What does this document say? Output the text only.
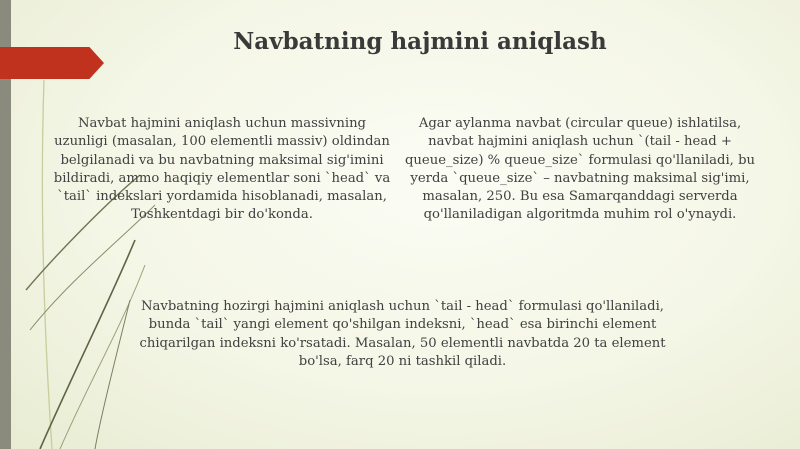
Navbatning hajmini aniqlash

Navbat hajmini aniqlash uchun massivning uzunligi (masalan, 100 elementli massiv) oldindan belgilanadi va bu navbatning maksimal sig'imini bildiradi, ammo haqiqiy elementlar soni `head` va `tail` indekslari yordamida hisoblanadi, masalan, Toshkentdagi bir do'konda.

Agar aylanma navbat (circular queue) ishlatilsa, navbat hajmini aniqlash uchun `(tail - head + queue_size) % queue_size` formulasi qo'llaniladi, bu yerda `queue_size` – navbatning maksimal sig'imi, masalan, 250. Bu esa Samarqanddagi serverda qo'llaniladigan algoritmda muhim rol o'ynaydi.

Navbatning hozirgi hajmini aniqlash uchun `tail - head` formulasi qo'llaniladi, bunda `tail` yangi element qo'shilgan indeksni, `head` esa birinchi element chiqarilgan indeksni ko'rsatadi. Masalan, 50 elementli navbatda 20 ta element bo'lsa, farq 20 ni tashkil qiladi.
